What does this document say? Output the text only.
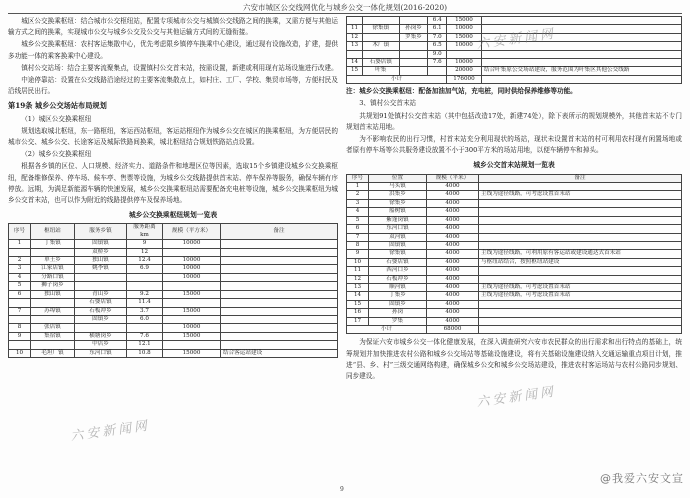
六安市城区公交线网优化与城乡公交一体化规划(2016-2020)

城区公交换乘枢纽：结合城市公交枢纽站，配置专项城市公交与城镇公交线路之间的换乘，又需方便与其他运输方式之间的换乘，实现城市公交与城乡公交及公交与其他运输方式间的无缝衔接。

城乡公交换乘枢纽：农村客运集散中心，优先考虑限乡镇停车换乘中心建设，通过现有设施改造，扩建，提供多功能一体的乘客换乘中心建设。

镇村公交站场：结合主要客流聚集点，设置镇村公交首末站，按需设置，新建或利用现有站场设施进行改建。

中途停靠站：设置在公交线路沿途经过的主要客流集散点上，如村庄、工厂、学校、集贸市场等，方便村民及沿线居民出行。

第19条 城乡公交场站布局规划
（1）城区公交换乘枢纽

规划选取城北枢纽，东一路枢纽，客运西站枢纽，客运站枢纽作为城乡公交在城区的换乘枢纽，为方便居民的城市公交、城乡公交、长途客运及城际铁路间换乘，城北枢纽结合规划铁路站点设置。

（2）城乡公交换乘枢纽

根据各乡镇的区位、人口规模、经济实力、道路条件和地理区位等因素，选取15个乡镇建设城乡公交换乘枢纽，配备维修保养、停车场、候车亭、售票等设施，为城乡公交线路提供首末站、停车保养等服务，确保车辆有序停放。远期，为满足新能源车辆的快速发展，城乡公交换乘枢纽站需要配备充电桩等设施，城乡公交换乘枢纽为城乡公交首末站，也可以作为附近的线路提供停车及保养场地。

城乡公交换乘枢纽规划一览表
序号	枢纽站	服务乡镇	服务距离 km	规模（平方米）	备注
1	丁集镇	固镇镇	9	10000	
		双桥乡	12		
2	单王乡	独山镇	12.4	10000	
3	江家店镇	姚李镇	6.9	10000	
4	分路口镇			10000	
5	狮子岗乡				
6	独山镇	青山乡	9.2	15000	
		石婆店镇	11.4		
7	苏埠镇	石板冲乡	3.7	15000	
		固镇乡	6.0		
8	张店镇			10000	
9	集宿镇	横塘岗乡	7.6	15000	
		中店乡	12.1		
10	毛坦厂镇	东河口镇	10.8	15000	结合客运站建设
			6.4	15000	
11	徐集镇	孙岗乡	6.1	10000	
12		罗集乡	7.0	15000	
13	木厂镇		6.5	10000	
			9.0		
14	石婆店镇		7.6	10000	
15	叶集			20000	结合叶集原公交场站建设，服务范围为叶集区其他公交线路
小计				176000	

注：城乡公交换乘枢纽：配备加油加气站，充电桩，同时供给保养维修等功能。

3、镇村公交首末站

共规划91处镇村公交首末站（其中包括改造17处，新建74处），除下表所示的规划规模外，其他首末站不专门规划首末站用地。

为不影响农民的出行习惯，村首末站充分利用现状的场站，现状未设置首末站的村可利用农村现有闲置场地或者原有停车场等公共服务建设放置不小于300平方米的场站用地，以便车辆停车和掉头。

城乡公交首末站规划一览表
序号	位置	规模（平米）	备注
1	马头镇	4000	
2	洪集乡	4000	主线为途径线路，可考虑设置首末站
3	徐集乡	4000	
4	船树镇	4000	
5	紫蓬岗镇	4000	
6	东河口镇	4000	
7	双河镇	4000	
8	固镇镇	4000	
9	徐集镇	4000	主线为途径线路，可利用原有客运站或建设通达式首末站
10	石婆店镇	4000	与枢纽站结合，按照枢纽站建设
11	西河口乡	4000	
12	石板冲乡	4000	
13	顺河镇	4000	主线为途径线路，可考虑设置首末站
14	丁集乡	4000	主线为途径线路，可考虑设置首末站
15	固镇乡	4000	
16	孙岗	4000	
17	罗集	4000	
小计		68000	

为保证六安市城乡公交一体化健康发展，在深入调查研究六安市农民群众的出行需求和出行特点的基础上，统筹规划并加快推进农村公路和城乡公交场站等基础设施建设，将有关基础设施建设纳入交通运输重点项目计划，推进“县、乡、村”三级交通网络构建，确保城乡公交和城乡公交场站建设，推进农村客运场站与农村公路同步规划、同步建设。

六安新闻网
六安新闻网
六安新闻网
@我爱六安文宣
9
